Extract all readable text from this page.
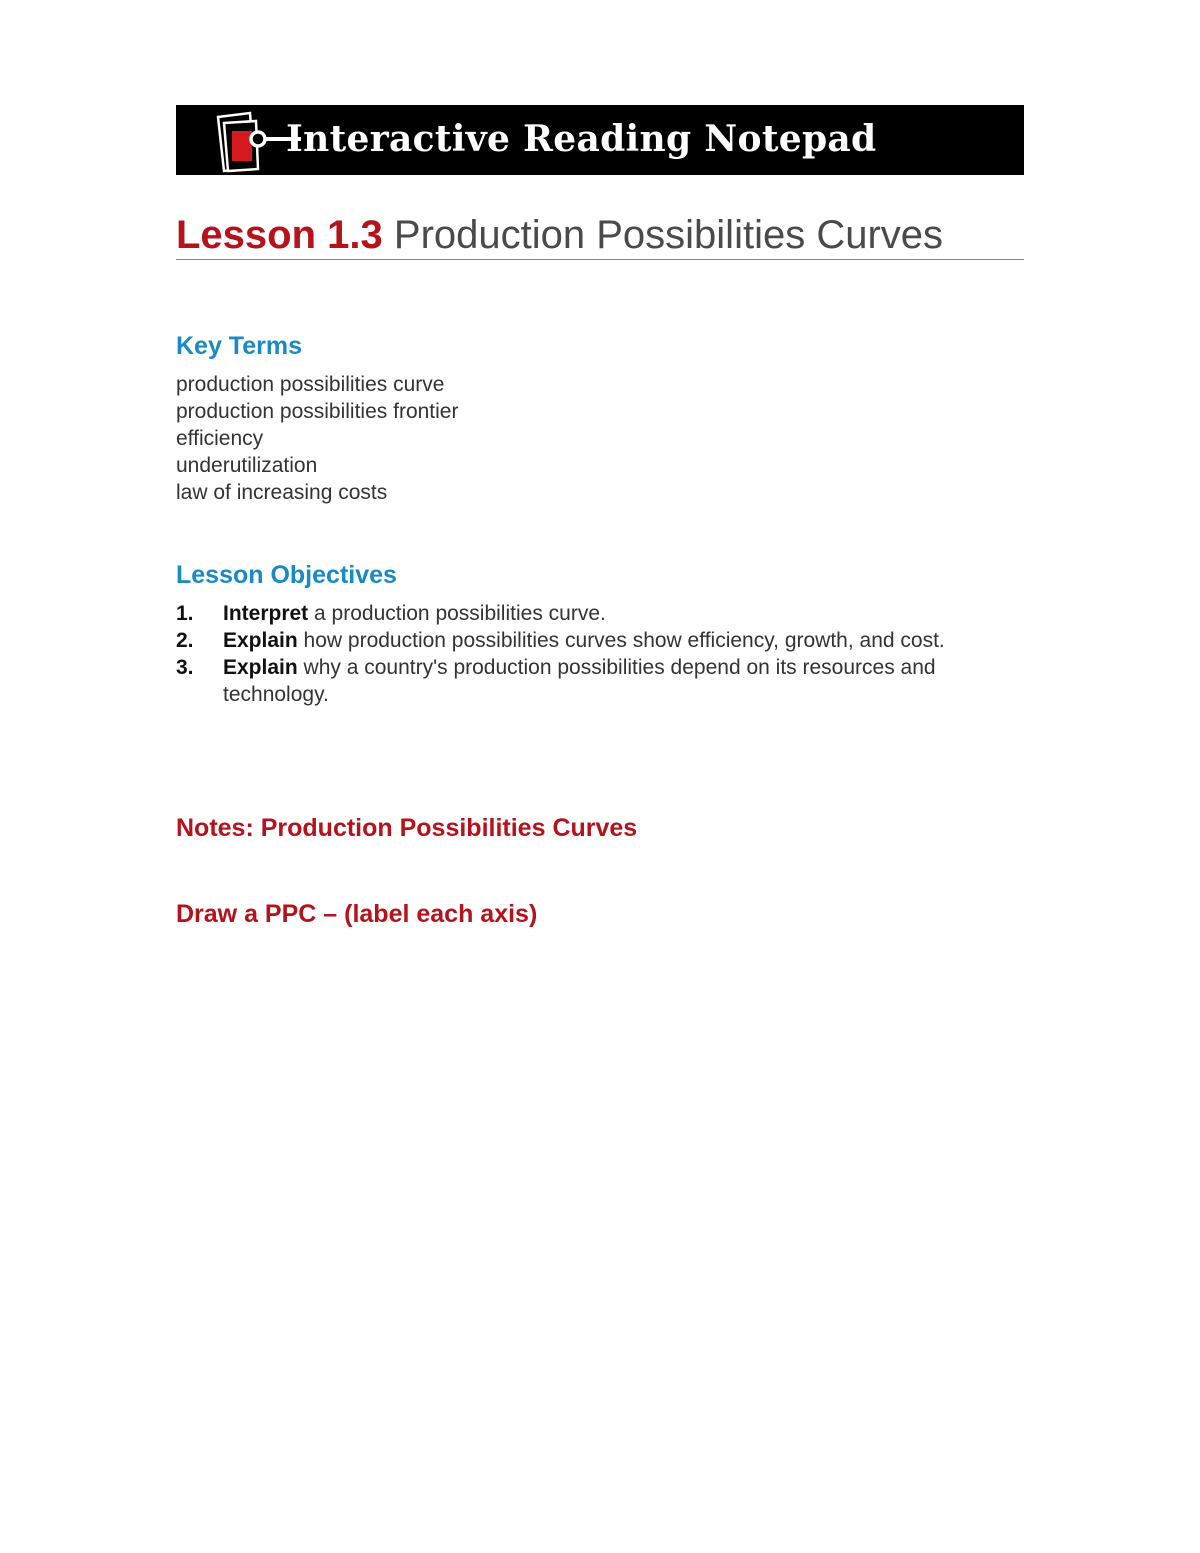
Interactive Reading Notepad
Lesson 1.3 Production Possibilities Curves
Key Terms
production possibilities curve
production possibilities frontier
efficiency
underutilization
law of increasing costs
Lesson Objectives
1. Interpret a production possibilities curve.
2. Explain how production possibilities curves show efficiency, growth, and cost.
3. Explain why a country's production possibilities depend on its resources and technology.
Notes: Production Possibilities Curves
Draw a PPC – (label each axis)
